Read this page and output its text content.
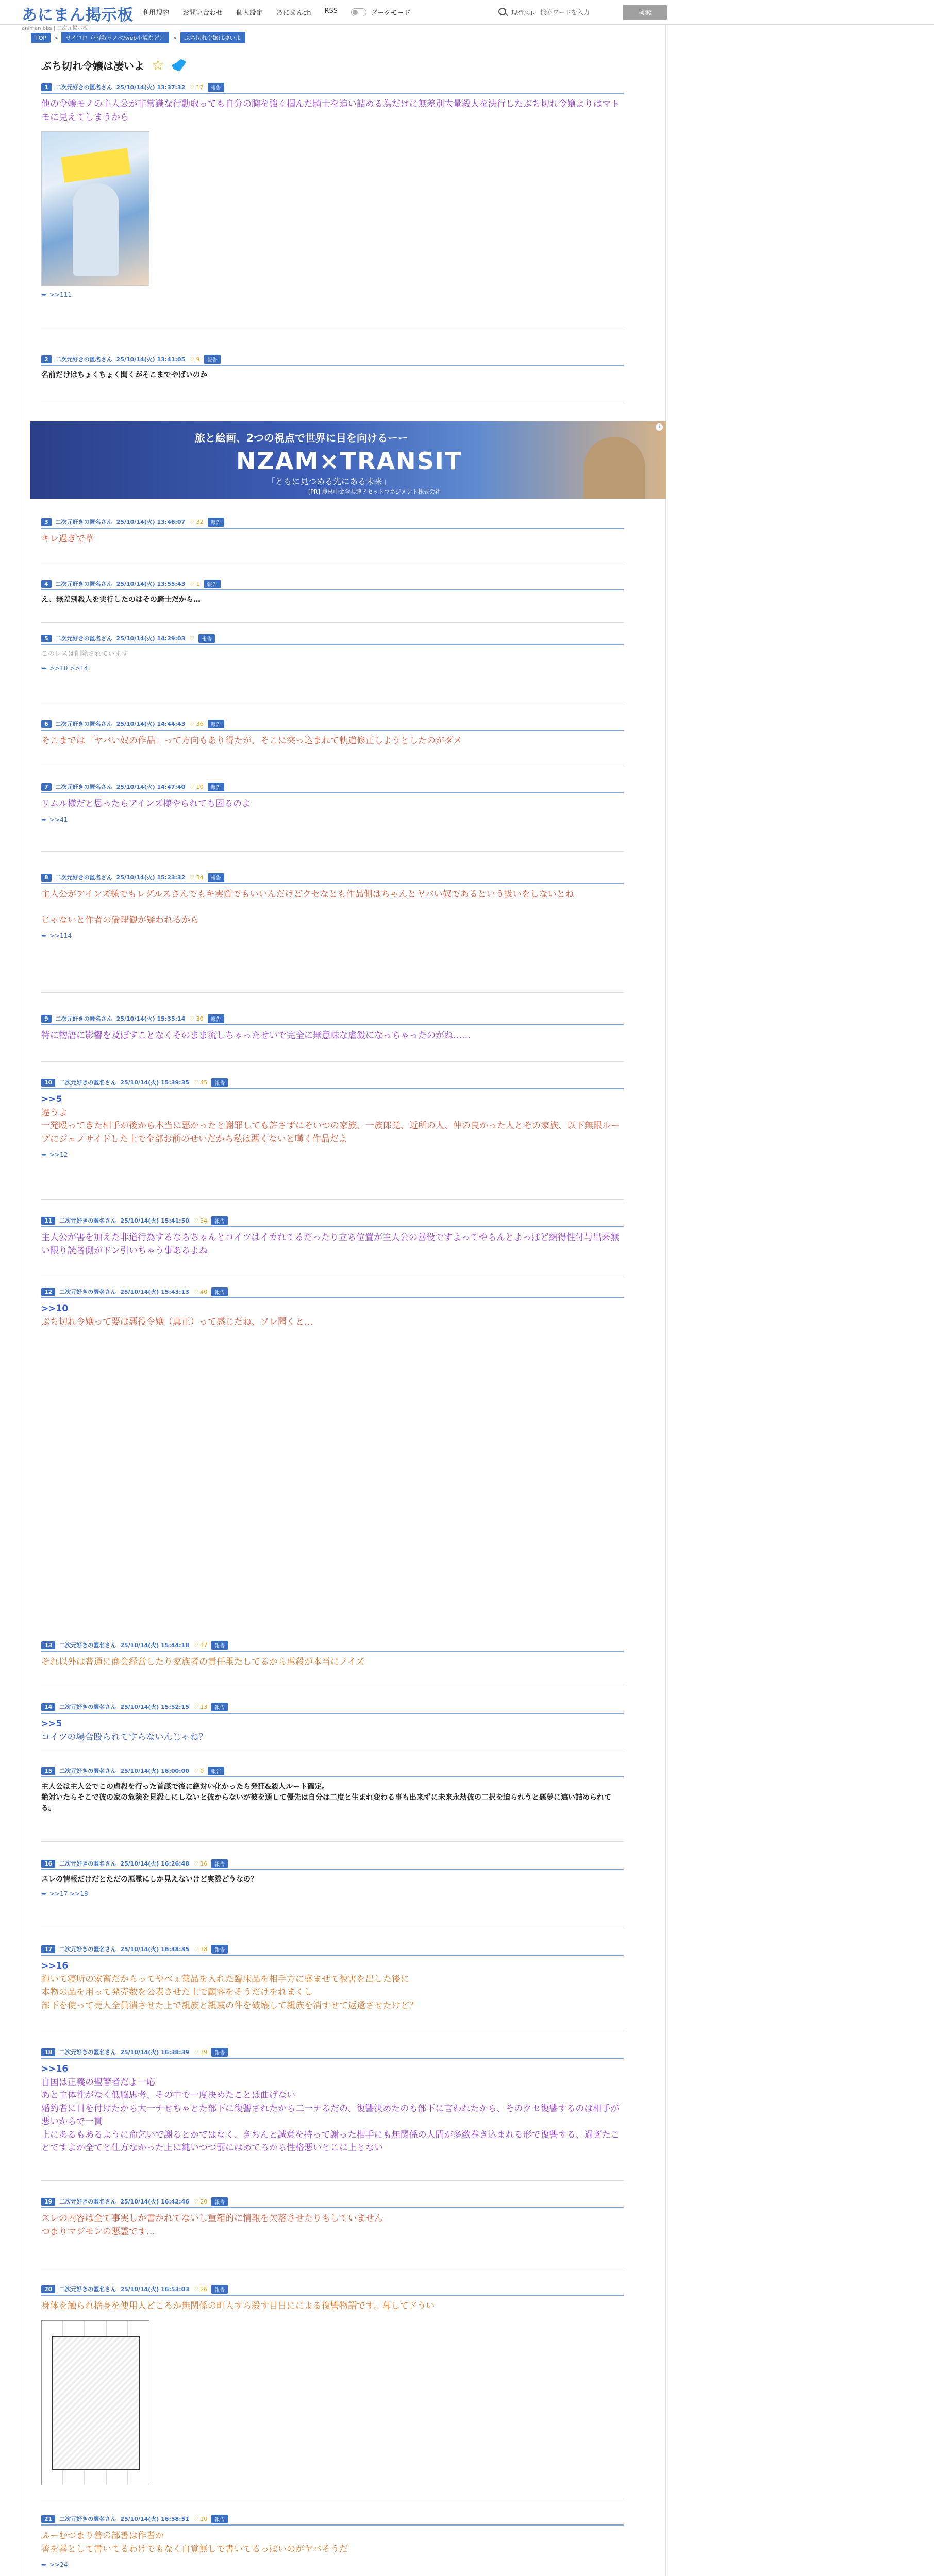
あにまん掲示板
animan bbs | 二次元掲示板
利用規約 お問い合わせ 個人設定 あにまんch RSS	ダークモード	現行スレ
検索ワードを入力	検索
TOP	>	サイコロ（小説/ラノベ/web小説など）	>	ぶち切れ令嬢は凄いよ
ぶち切れ令嬢は凄いよ ☆
旅と絵画、2つの視点で世界に目を向けるーー
NZAM×TRANSIT
「ともに見つめる先にある未来」
[PR] 農林中金全共連アセットマネジメント株式会社
i
1	二次元好きの匿名さん 25/10/14(火) 13:37:32 ♡ 17	報告
他の令嬢モノの主人公が非常識な行動取っても自分の胸を強く掴んだ騎士を追い詰める為だけに無差別大量殺人を決行したぶち切れ令嬢よりはマトモに見えてしまうから
➥ >>111
2	二次元好きの匿名さん 25/10/14(火) 13:41:05 ♡ 9	報告
名前だけはちょくちょく聞くがそこまでやばいのか
3	二次元好きの匿名さん 25/10/14(火) 13:46:07 ♡ 32	報告
キレ過ぎで草
4	二次元好きの匿名さん 25/10/14(火) 13:55:43 ♡ 1	報告
え、無差別殺人を実行したのはその騎士だから…
5	二次元好きの匿名さん 25/10/14(火) 14:29:03 ♡	報告
このレスは削除されています
➥ >>10 >>14
6	二次元好きの匿名さん 25/10/14(火) 14:44:43 ♡ 36	報告
そこまでは「ヤバい奴の作品」って方向もあり得たが、そこに突っ込まれて軌道修正しようとしたのがダメ
7	二次元好きの匿名さん 25/10/14(火) 14:47:40 ♡ 10	報告
リムル様だと思ったらアインズ様やられても困るのよ
➥ >>41
8	二次元好きの匿名さん 25/10/14(火) 15:23:32 ♡ 34	報告
主人公がアインズ様でもレグルスさんでもキ実質でもいいんだけどクセなとも作品側はちゃんとヤバい奴であるという扱いをしないとね
じゃないと作者の倫理観が疑われるから
➥ >>114
9	二次元好きの匿名さん 25/10/14(火) 15:35:14 ♡ 30	報告
特に物語に影響を及ぼすことなくそのまま流しちゃったせいで完全に無意味な虐殺になっちゃったのがね……
10	二次元好きの匿名さん 25/10/14(火) 15:39:35 ♡ 45	報告
>>5
違うよ
一発殴ってきた相手が後から本当に悪かったと謝罪しても許さずにそいつの家族、一族郎党、近所の人、仲の良かった人とその家族、以下無限ループにジェノサイドした上で全部お前のせいだから私は悪くないと嘆く作品だよ
➥ >>12
11	二次元好きの匿名さん 25/10/14(火) 15:41:50 ♡ 34	報告
主人公が害を加えた非道行為するならちゃんとコイツはイカれてるだったり立ち位置が主人公の善役ですよってやらんとよっぽど納得性付与出来無い限り読者側がドン引いちゃう事あるよね
12	二次元好きの匿名さん 25/10/14(火) 15:43:13 ♡ 40	報告
>>10
ぶち切れ令嬢って要は悪役令嬢（真正）って感じだね、ソレ聞くと…
13	二次元好きの匿名さん 25/10/14(火) 15:44:18 ♡ 17	報告
それ以外は普通に商会経営したり家族者の責任果たしてるから虐殺が本当にノイズ
14	二次元好きの匿名さん 25/10/14(火) 15:52:15 ♡ 13	報告
>>5
コイツの場合殴られてすらないんじゃね？
15	二次元好きの匿名さん 25/10/14(火) 16:00:00 ♡ 0	報告
主人公は主人公でこの虐殺を行った首謀で後に絶対い化かったら発狂&殺人ルート確定。
絶対いたらそこで彼の家の危険を見殺しにしないと彼からないが彼を通して優先は自分は二度と生まれ変わる事も出来ずに未来永劫彼の二択を迫られうと悪夢に追い詰められてる。
16	二次元好きの匿名さん 25/10/14(火) 16:26:48 ♡ 16	報告
スレの情報だけだとただの悪霊にしか見えないけど実際どうなの？
➥ >>17 >>18
17	二次元好きの匿名さん 25/10/14(火) 16:38:35 ♡ 18	報告
>>16
抱いて寝所の家畜だからってやべぇ薬品を入れた臨床品を相手方に盛ませて被害を出した後に
本物の品を用って発売数を公表させた上で顧客をそうだけをれまくし
部下を使って売人全員潰させた上で親族と親戚の件を破壊して親族を消すせて返還させたけど？
18	二次元好きの匿名さん 25/10/14(火) 16:38:39 ♡ 19	報告
>>16
自国は正義の聖警者だよ一応
あと主体性がなく低脳思考、その中で一度決めたことは曲げない
婚約者に目を付けたから大一ナせちゃとた部下に復讐されたから二一ナるだの、復讐決めたのも部下に言われたから、そのクセ復讐するのは相手が悪いからで一貫
上にあるもあるように命乞いで謝るとかではなく、きちんと誠意を持って謝った相手にも無関係の人間が多数巻き込まれる形で復讐する、過ぎたことですよか全てと仕方なかった上に鈍いつつ罰にはめてるから性格悪いとこに上とない
19	二次元好きの匿名さん 25/10/14(火) 16:42:46 ♡ 20	報告
スレの内容は全て事実しか書かれてないし重箱的に情報を欠落させたりもしていません
つまりマジモンの悪霊です…
20	二次元好きの匿名さん 25/10/14(火) 16:53:03 ♡ 26	報告
身体を触られ捨身を使用人どころか無関係の町人すら殺す目日にによる復讐物語です。暮してドうい
21	二次元好きの匿名さん 25/10/14(火) 16:58:51 ♡ 10	報告
ふーむつまり善の部善は作者か
善を善として書いてるわけでもなく自覚無しで書いてるっぽいのがヤバそうだ
➥ >>24
